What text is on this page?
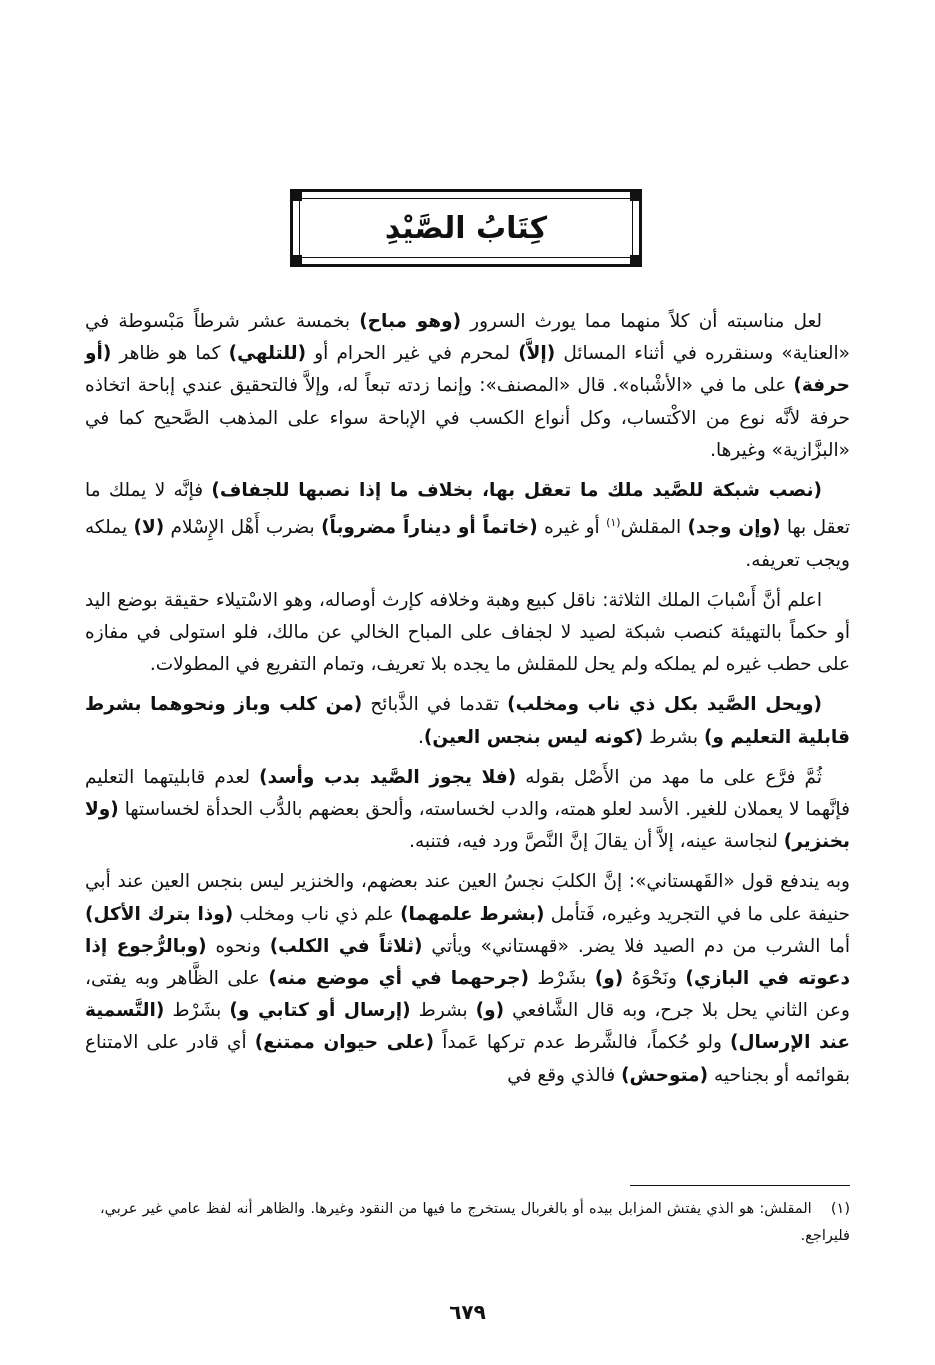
كِتَابُ الصَّيْدِ

لعل مناسبته أن كلاً منهما مما يورث السرور (وهو مباح) بخمسة عشر شرطاً مَبْسوطة في «العناية» وسنقرره في أثناء المسائل (إلاَّ) لمحرم في غير الحرام أو (للتلهي) كما هو ظاهر (أو حرفة) على ما في «الأشْباه». قال «المصنف»: وإنما زدته تبعاً له، وإلاَّ فالتحقيق عندي إباحة اتخاذه حرفة لأنَّه نوع من الاكْتساب، وكل أنواع الكسب في الإباحة سواء على المذهب الصَّحيح كما في «البزَّازية» وغيرها.

(نصب شبكة للصَّيد ملك ما تعقل بها، بخلاف ما إذا نصبها للجفاف) فإنَّه لا يملك ما تعقل بها (وإن وجد) المقلش$^{(١)}$ أو غيره (خاتماً أو ديناراً مضروباً) بضرب أَهْل الإِسْلام (لا) يملكه ويجب تعريفه.

اعلم أنَّ أَسْبابَ الملك الثلاثة: ناقل كبيع وهبة وخلافه كإرث أوصاله، وهو الاسْتيلاء حقيقة بوضع اليد أو حكماً بالتهيئة كنصب شبكة لصيد لا لجفاف على المباح الخالي عن مالك، فلو استولى في مفازه على حطب غيره لم يملكه ولم يحل للمقلش ما يجده بلا تعريف، وتمام التفريع في المطولات.

(ويحل الصَّيد بكل ذي ناب ومخلب) تقدما في الذَّبائح (من كلب وباز ونحوهما بشرط قابلية التعليم و) بشرط (كونه ليس بنجس العين).

ثُمَّ فرَّع على ما مهد من الأَصْل بقوله (فلا يجوز الصَّيد بدب وأسد) لعدم قابليتهما التعليم فإنَّهما لا يعملان للغير. الأسد لعلو همته، والدب لخساسته، وألحق بعضهم بالدُّب الحدأة لخساستها (ولا بخنزير) لنجاسة عينه، إلاَّ أن يقالَ إنَّ النَّصَّ ورد فيه، فتنبه.

وبه يندفع قول «القَهستاني»: إنَّ الكلبَ نجسُ العين عند بعضهم، والخنزير ليس بنجس العين عند أبي حنيفة على ما في التجريد وغيره، فَتأمل (بشرط علمهما) علم ذي ناب ومخلب (وذا بترك الأكل) أما الشرب من دم الصيد فلا يضر. «قهستاني» ويأتي (ثلاثاً في الكلب) ونحوه (وبالرُّجوع إذا دعوته في البازي) ونَحْوَهُ (و) بشَرْط (جرحهما في أي موضع منه) على الظَّاهر وبه يفتى، وعن الثاني يحل بلا جرح، وبه قال الشَّافعي (و) بشرط (إرسال أو كتابي و) بشَرْط (التَّسمية عند الإرسال) ولو حُكماً، فالشَّرط عدم تركها عَمداً (على حيوان ممتنع) أي قادر على الامتناع بقوائمه أو بجناحيه (متوحش) فالذي وقع في

(١) المقلش: هو الذي يفتش المزابل بيده أو بالغربال يستخرج ما فيها من النقود وغيرها. والظاهر أنه لفظ عامي غير عربي، فليراجع.
٦٧٩
